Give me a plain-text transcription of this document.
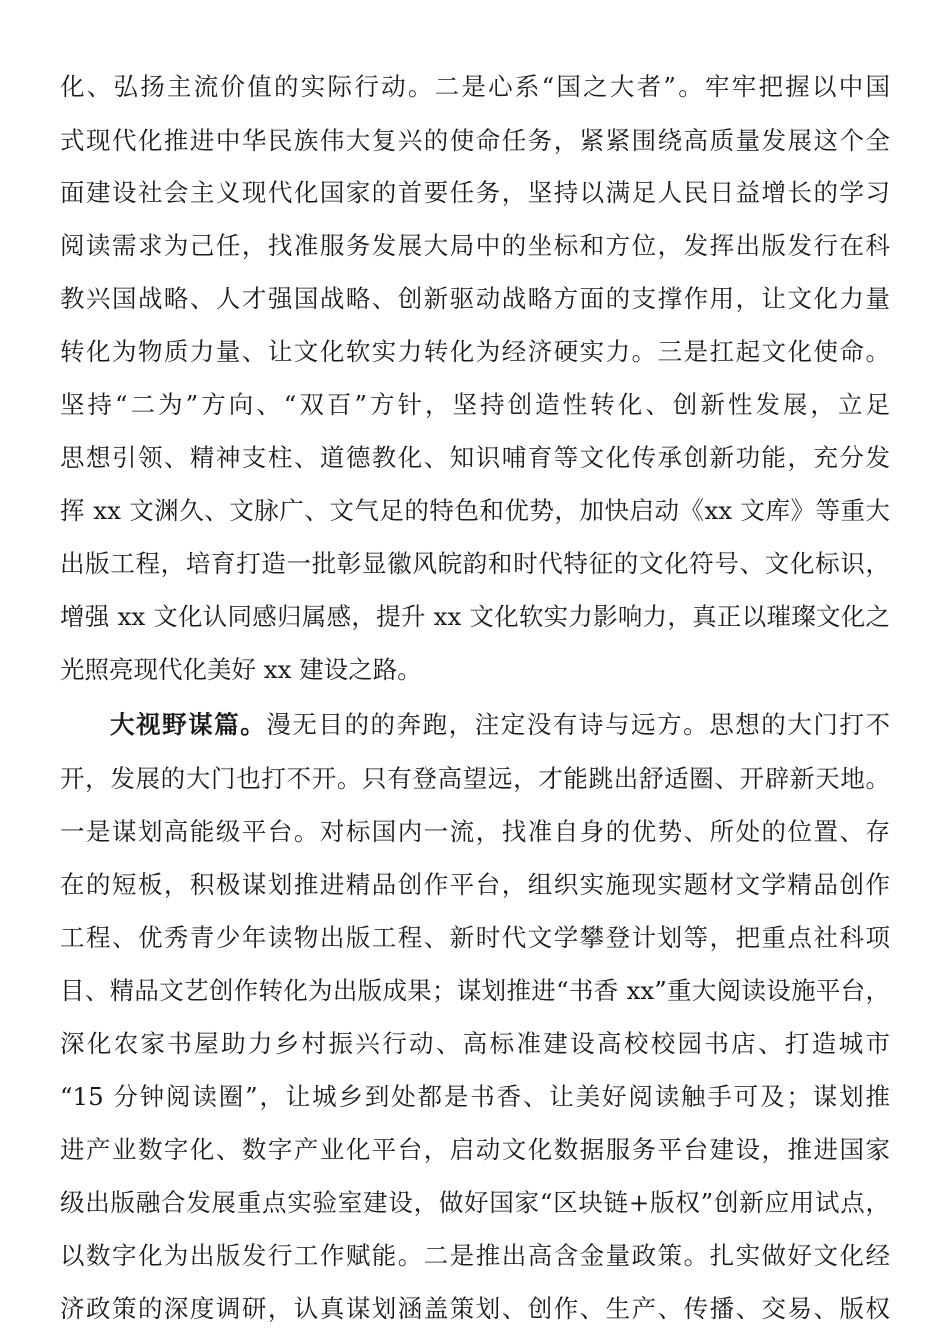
化、弘扬主流价值的实际行动。二是心系“国之大者”。牢牢把握以中国
式现代化推进中华民族伟大复兴的使命任务，紧紧围绕高质量发展这个全
面建设社会主义现代化国家的首要任务，坚持以满足人民日益增长的学习
阅读需求为己任，找准服务发展大局中的坐标和方位，发挥出版发行在科
教兴国战略、人才强国战略、创新驱动战略方面的支撑作用，让文化力量
转化为物质力量、让文化软实力转化为经济硬实力。三是扛起文化使命。
坚持“二为”方向、“双百”方针，坚持创造性转化、创新性发展，立足
思想引领、精神支柱、道德教化、知识哺育等文化传承创新功能，充分发
挥 xx 文渊久、文脉广、文气足的特色和优势，加快启动《xx 文库》等重大
出版工程，培育打造一批彰显徽风皖韵和时代特征的文化符号、文化标识，
增强 xx 文化认同感归属感，提升 xx 文化软实力影响力，真正以璀璨文化之
光照亮现代化美好 xx 建设之路。
大视野谋篇。漫无目的的奔跑，注定没有诗与远方。思想的大门打不
开，发展的大门也打不开。只有登高望远，才能跳出舒适圈、开辟新天地。
一是谋划高能级平台。对标国内一流，找准自身的优势、所处的位置、存
在的短板，积极谋划推进精品创作平台，组织实施现实题材文学精品创作
工程、优秀青少年读物出版工程、新时代文学攀登计划等，把重点社科项
目、精品文艺创作转化为出版成果；谋划推进“书香 xx”重大阅读设施平台，
深化农家书屋助力乡村振兴行动、高标准建设高校校园书店、打造城市
“15 分钟阅读圈”，让城乡到处都是书香、让美好阅读触手可及；谋划推
进产业数字化、数字产业化平台，启动文化数据服务平台建设，推进国家
级出版融合发展重点实验室建设，做好国家“区块链+版权”创新应用试点，
以数字化为出版发行工作赋能。二是推出高含金量政策。扎实做好文化经
济政策的深度调研，认真谋划涵盖策划、创作、生产、传播、交易、版权
